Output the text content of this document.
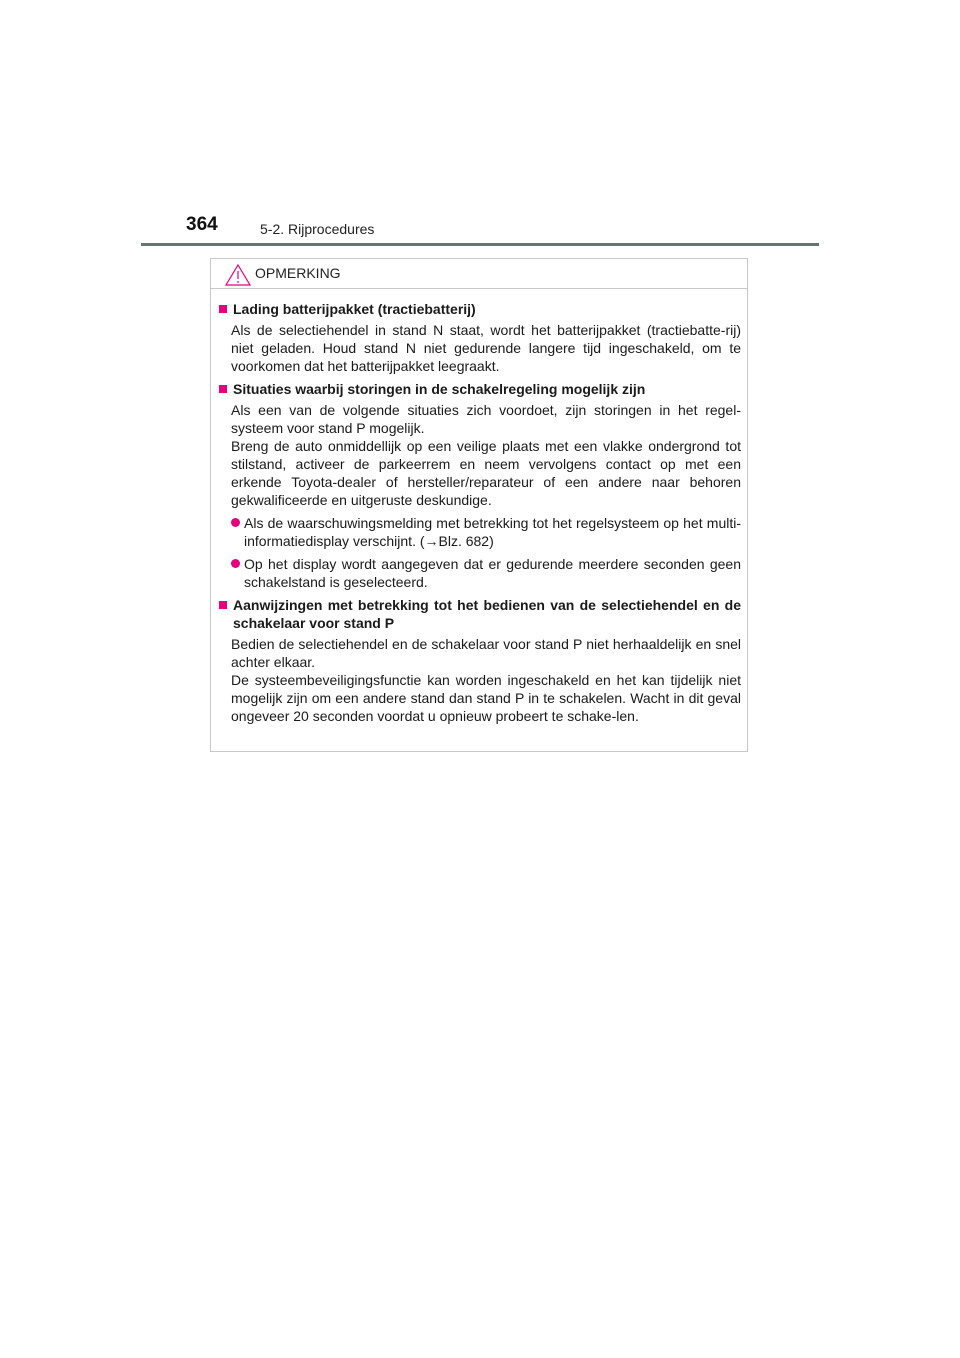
364	5-2. Rijprocedures
OPMERKING
Lading batterijpakket (tractiebatterij)
Als de selectiehendel in stand N staat, wordt het batterijpakket (tractiebatte-rij) niet geladen. Houd stand N niet gedurende langere tijd ingeschakeld, om te voorkomen dat het batterijpakket leegraakt.
Situaties waarbij storingen in de schakelregeling mogelijk zijn
Als een van de volgende situaties zich voordoet, zijn storingen in het regel-systeem voor stand P mogelijk.
Breng de auto onmiddellijk op een veilige plaats met een vlakke ondergrond tot stilstand, activeer de parkeerrem en neem vervolgens contact op met een erkende Toyota-dealer of hersteller/reparateur of een andere naar behoren gekwalificeerde en uitgeruste deskundige.
Als de waarschuwingsmelding met betrekking tot het regelsysteem op het multi-informatiedisplay verschijnt. (→Blz. 682)
Op het display wordt aangegeven dat er gedurende meerdere seconden geen schakelstand is geselecteerd.
Aanwijzingen met betrekking tot het bedienen van de selectiehendel en de schakelaar voor stand P
Bedien de selectiehendel en de schakelaar voor stand P niet herhaaldelijk en snel achter elkaar.
De systeembeveiligingsfunctie kan worden ingeschakeld en het kan tijdelijk niet mogelijk zijn om een andere stand dan stand P in te schakelen. Wacht in dit geval ongeveer 20 seconden voordat u opnieuw probeert te schake-len.
